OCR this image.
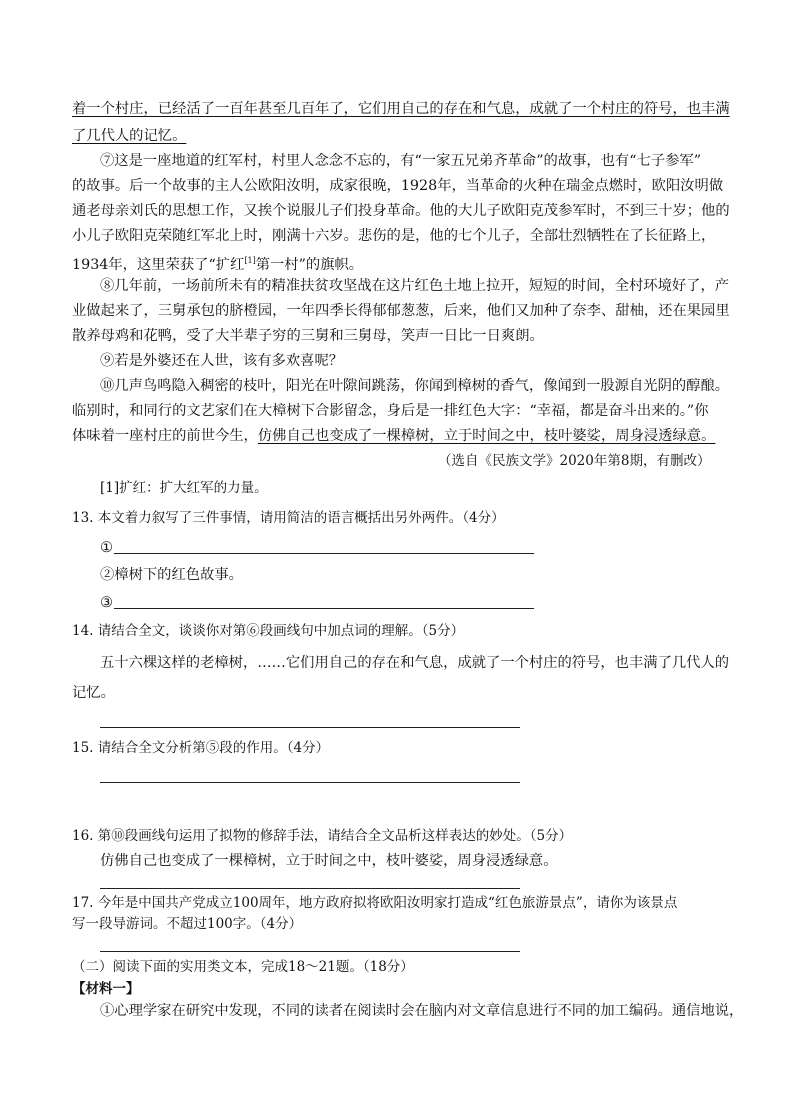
着一个村庄，已经活了一百年甚至几百年了，它们用自己的存在和气息，成就了一个村庄的符号，也丰满
了几代人的记忆。
⑦这是一座地道的红军村，村里人念念不忘的，有“一家五兄弟齐革命”的故事，也有“七子参军”
的故事。后一个故事的主人公欧阳汝明，成家很晚，1928年，当革命的火种在瑞金点燃时，欧阳汝明做
通老母亲刘氏的思想工作，又挨个说服儿子们投身革命。他的大儿子欧阳克茂参军时，不到三十岁；他的
小儿子欧阳克荣随红军北上时，刚满十六岁。悲伤的是，他的七个儿子，全部壮烈牺牲在了长征路上，
1934年，这里荣获了“扩红[1]第一村”的旗帜。
⑧几年前，一场前所未有的精准扶贫攻坚战在这片红色土地上拉开，短短的时间，全村环境好了，产
业做起来了，三舅承包的脐橙园，一年四季长得郁郁葱葱，后来，他们又加种了奈李、甜柚，还在果园里
散养母鸡和花鸭，受了大半辈子穷的三舅和三舅母，笑声一日比一日爽朗。
⑨若是外婆还在人世，该有多欢喜呢？
⑩几声鸟鸣隐入稠密的枝叶，阳光在叶隙间跳荡，你闻到樟树的香气，像闻到一股源自光阴的醇酿。
临别时，和同行的文艺家们在大樟树下合影留念，身后是一排红色大字：“幸福，都是奋斗出来的。”你
体味着一座村庄的前世今生，仿佛自己也变成了一棵樟树，立于时间之中，枝叶婆娑，周身浸透绿意。
（选自《民族文学》2020年第8期，有删改）
[1]扩红：扩大红军的力量。
13. 本文着力叙写了三件事情，请用简洁的语言概括出另外两件。（4分）
①
②樟树下的红色故事。
③
14. 请结合全文，谈谈你对第⑥段画线句中加点词的理解。（5分）
五十六棵这样的老樟树，……它们用自己的存在和气息，成就了一个村庄的符号，也丰满了几代人的
记忆。
15. 请结合全文分析第⑤段的作用。（4分）
16. 第⑩段画线句运用了拟物的修辞手法，请结合全文品析这样表达的妙处。（5分）
仿佛自己也变成了一棵樟树，立于时间之中，枝叶婆娑，周身浸透绿意。
17. 今年是中国共产党成立100周年，地方政府拟将欧阳汝明家打造成“红色旅游景点”，请你为该景点
写一段导游词。不超过100字。（4分）
（二）阅读下面的实用类文本，完成18～21题。（18分）
【材料一】
①心理学家在研究中发现，不同的读者在阅读时会在脑内对文章信息进行不同的加工编码。通信地说，
